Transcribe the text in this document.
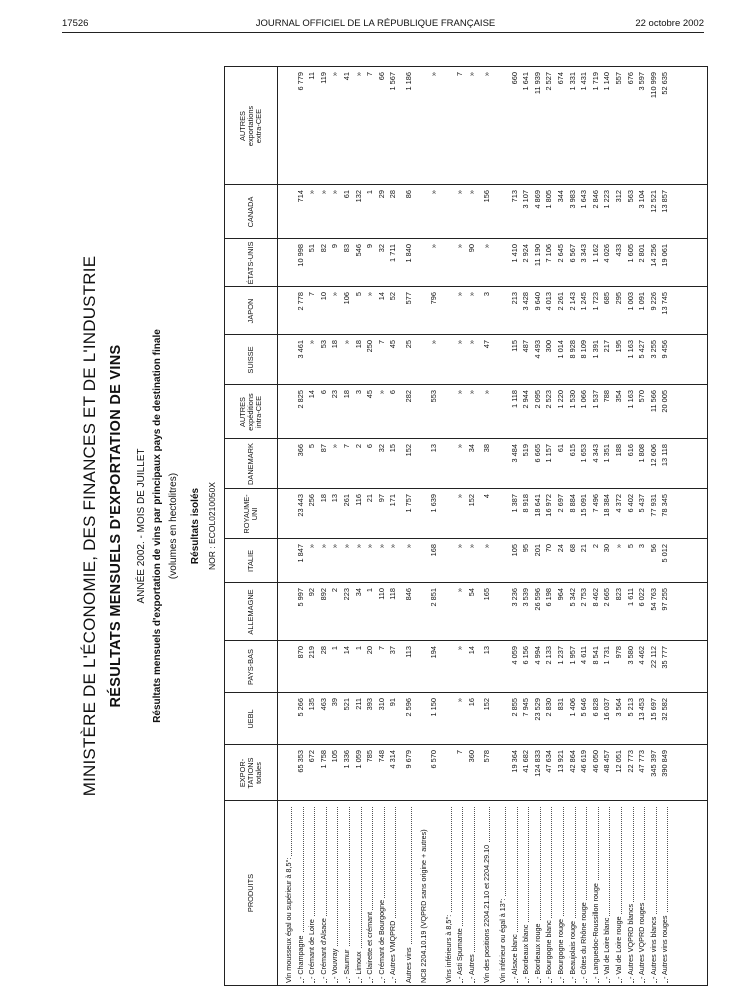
17526	JOURNAL OFFICIEL DE LA RÉPUBLIQUE FRANÇAISE	22 octobre 2002
MINISTÈRE DE L'ÉCONOMIE, DES FINANCES ET DE L'INDUSTRIE RÉSULTATS MENSUELS D'EXPORTATION DE VINS ANNÉE 2002. - MOIS DE JUILLET Résultats mensuels d'exportation de vins par principaux pays de destination finale (volumes en hectolitres) Résultats isolés NOR : ECOL0210050X
PRODUITS
EXPOR-
TATIONS
totales
UEBL
PAYS-BAS
ALLEMAGNE
ITALIE
ROYAUME-
UNI
DANEMARK
AUTRES
expéditions
intra-CEE
SUISSE
JAPON
ÉTATS-UNIS
CANADA
AUTRES
exportations
extra-CEE
Vin mousseux égal ou supérieur à 8,5°: - Champagne
65 353
5 266
870
5 997
1 847
23 443
366
2 825
3 461
2 778
10 998
714
6 779
- Crémant de Loire
672
135
219
92
»
256
5
14
»
7
51
»
11
- Crémant d'Alsace
1 758
463
28
892
»
18
87
6
53
10
82
»
119
- Vouvray
105
39
1
2
»
13
»
23
18
»
9
»
»
- Saumur
1 336
521
14
223
»
261
7
18
»
106
83
61
41
- Limoux
1 059
211
1
34
»
116
2
3
18
5
546
132
»
- Clairette et crémant
785
393
20
1
»
21
6
45
250
»
9
1
7
- Crémant de Bourgogne
748
310
7
110
»
97
32
»
7
14
32
29
66
- Autres VMQPRD
4 314
91
37
118
»
171
15
6
45
52
1 711
28
1 567
Autres vins
9 679
2 596
113
846
»
1 757
152
282
25
577
1 840
86
1 186
NC8 2204.10.19 (VQPRD sans origine + autres)
6 570
1 150
194
2 851
168
1 639
13
553
»
796
»
»
»
Vins inférieurs à 8,5°: - Asti Spumante
7
»
»
»
»
»
»
»
»
»
»
»
7
- Autres
360
16
14
54
»
152
34
»
»
»
90
»
»
Vin des positions 2204.21.10 et 2204.29.10
578
152
13
165
»
4
38
»
47
3
»
156
»
Vin inférieur ou égal à 13°: - Alsace blanc
19 364
2 855
4 059
3 236
105
1 387
3 484
1 118
115
213
1 410
713
660
- Bordeaux blanc
41 682
7 945
6 156
3 539
95
8 918
519
2 944
487
3 428
2 924
3 107
1 641
- Bordeaux rouge
124 833
23 529
4 994
26 596
201
18 641
6 665
2 095
4 493
9 640
11 190
4 869
11 939
- Bourgogne blanc
47 634
2 830
2 133
6 198
70
16 972
1 157
2 523
300
4 013
7 106
1 805
2 527
- Bourgogne rouge
13 921
831
1 237
964
24
2 697
61
1 220
1 014
2 261
2 645
344
674
- Beaujolais rouge
42 864
1 406
1 957
5 342
68
8 884
615
1 530
8 928
2 143
6 567
3 983
1 331
- Côtes du Rhône rouge
46 619
5 646
4 611
2 753
21
15 091
1 653
1 066
8 109
1 245
3 343
1 643
1 431
- Languedoc-Roussillon rouge
46 050
6 828
8 541
8 462
2
7 496
4 343
1 537
1 391
1 723
1 162
2 846
1 719
- Val de Loire blanc
48 457
16 037
1 731
2 665
30
18 384
1 351
788
217
685
4 026
1 223
1 140
- Val de Loire rouge
12 051
3 564
978
823
»
4 372
188
354
195
295
433
312
557
- Autres VQPRD blancs
22 773
5 213
3 580
1 611
5
6 402
616
1 163
1 163
1 003
1 605
563
676
- Autres VQPRD rouges
47 773
13 453
4 462
6 022
3
5 437
1 808
570
5 427
1 091
2 801
3 104
3 597
- Autres vins blancs
345 397
15 697
22 112
54 763
56
77 931
12 606
11 566
3 255
9 226
14 256
12 521
110 999
- Autres vins rouges
390 849
32 582
35 777
97 255
5 012
78 345
13 118
20 005
9 456
13 745
19 061
13 857
52 635
